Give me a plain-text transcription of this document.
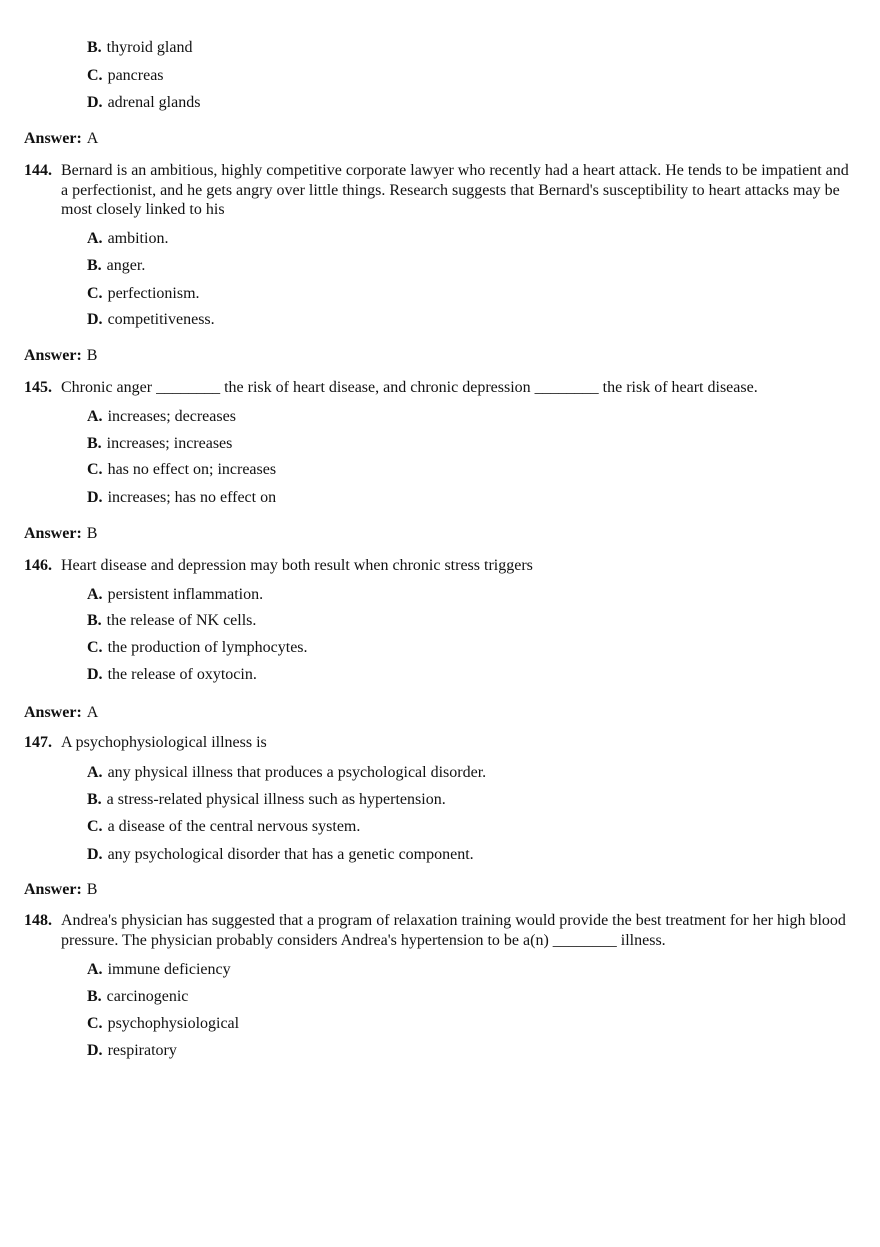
B. thyroid gland
C. pancreas
D. adrenal glands
Answer: A
144. Bernard is an ambitious, highly competitive corporate lawyer who recently had a heart attack. He tends to be impatient and a perfectionist, and he gets angry over little things. Research suggests that Bernard's susceptibility to heart attacks may be most closely linked to his
A. ambition.
B. anger.
C. perfectionism.
D. competitiveness.
Answer: B
145. Chronic anger ________ the risk of heart disease, and chronic depression ________ the risk of heart disease.
A. increases; decreases
B. increases; increases
C. has no effect on; increases
D. increases; has no effect on
Answer: B
146. Heart disease and depression may both result when chronic stress triggers
A. persistent inflammation.
B. the release of NK cells.
C. the production of lymphocytes.
D. the release of oxytocin.
Answer: A
147. A psychophysiological illness is
A. any physical illness that produces a psychological disorder.
B. a stress-related physical illness such as hypertension.
C. a disease of the central nervous system.
D. any psychological disorder that has a genetic component.
Answer: B
148. Andrea's physician has suggested that a program of relaxation training would provide the best treatment for her high blood pressure. The physician probably considers Andrea's hypertension to be a(n) ________ illness.
A. immune deficiency
B. carcinogenic
C. psychophysiological
D. respiratory
